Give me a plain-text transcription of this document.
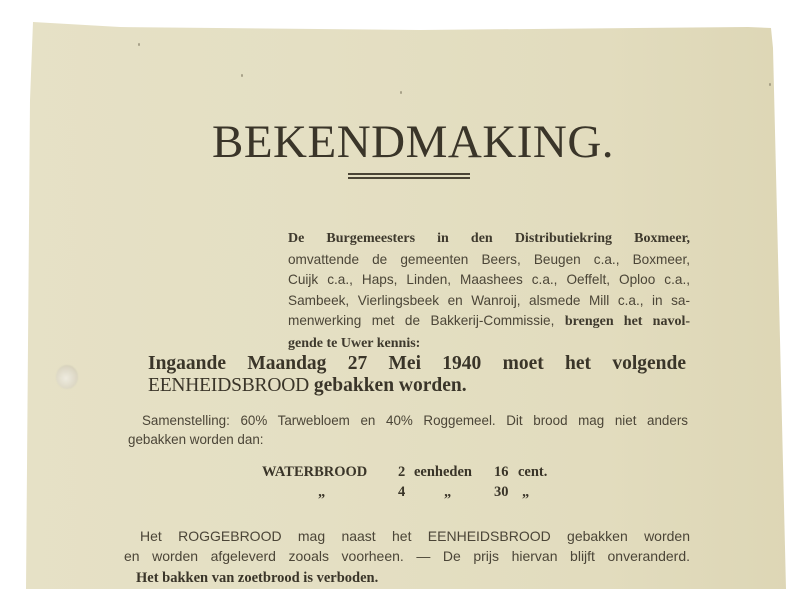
BEKENDMAKING.
De Burgemeesters in den Distributiekring Boxmeer,
omvattende de gemeenten Beers, Beugen c.a., Boxmeer,
Cuijk c.a., Haps, Linden, Maashees c.a., Oeffelt, Oploo c.a.,
Sambeek, Vierlingsbeek en Wanroij, alsmede Mill c.a., in sa-
menwerking met de Bakkerij-Commissie, brengen het navol-
gende te Uwer kennis:
Ingaande Maandag 27 Mei 1940 moet het volgende
EENHEIDSBROOD gebakken worden.
Samenstelling: 60% Tarwebloem en 40% Roggemeel. Dit brood mag niet anders
gebakken worden dan:
WATERBROOD 2 eenheden 16 cent.
„	4	„	30 „
Het ROGGEBROOD mag naast het EENHEIDSBROOD gebakken worden
en worden afgeleverd zooals voorheen. — De prijs hiervan blijft onveranderd.
Het bakken van zoetbrood is verboden.
